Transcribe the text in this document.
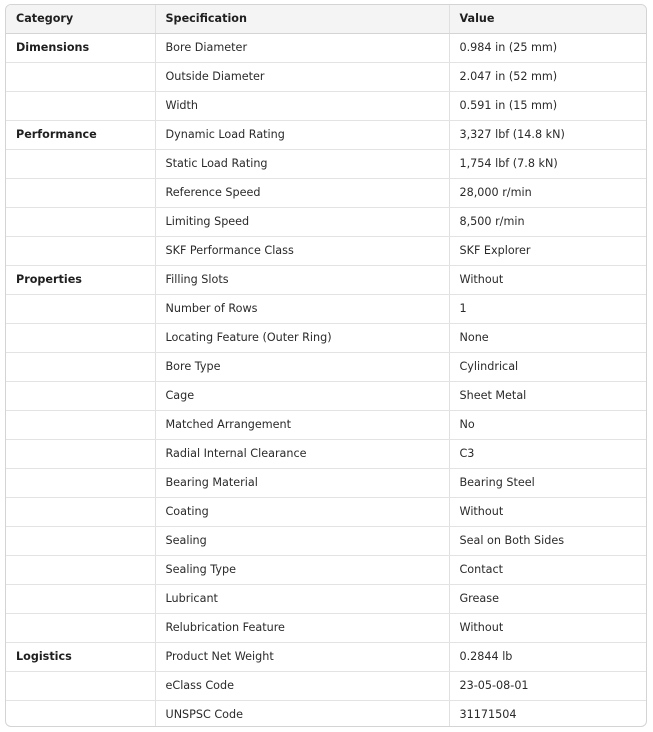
Category	Specification	Value
Dimensions	Bore Diameter	0.984 in (25 mm)
	Outside Diameter	2.047 in (52 mm)
	Width	0.591 in (15 mm)
Performance	Dynamic Load Rating	3,327 lbf (14.8 kN)
	Static Load Rating	1,754 lbf (7.8 kN)
	Reference Speed	28,000 r/min
	Limiting Speed	8,500 r/min
	SKF Performance Class	SKF Explorer
Properties	Filling Slots	Without
	Number of Rows	1
	Locating Feature (Outer Ring)	None
	Bore Type	Cylindrical
	Cage	Sheet Metal
	Matched Arrangement	No
	Radial Internal Clearance	C3
	Bearing Material	Bearing Steel
	Coating	Without
	Sealing	Seal on Both Sides
	Sealing Type	Contact
	Lubricant	Grease
	Relubrication Feature	Without
Logistics	Product Net Weight	0.2844 lb
	eClass Code	23-05-08-01
	UNSPSC Code	31171504
